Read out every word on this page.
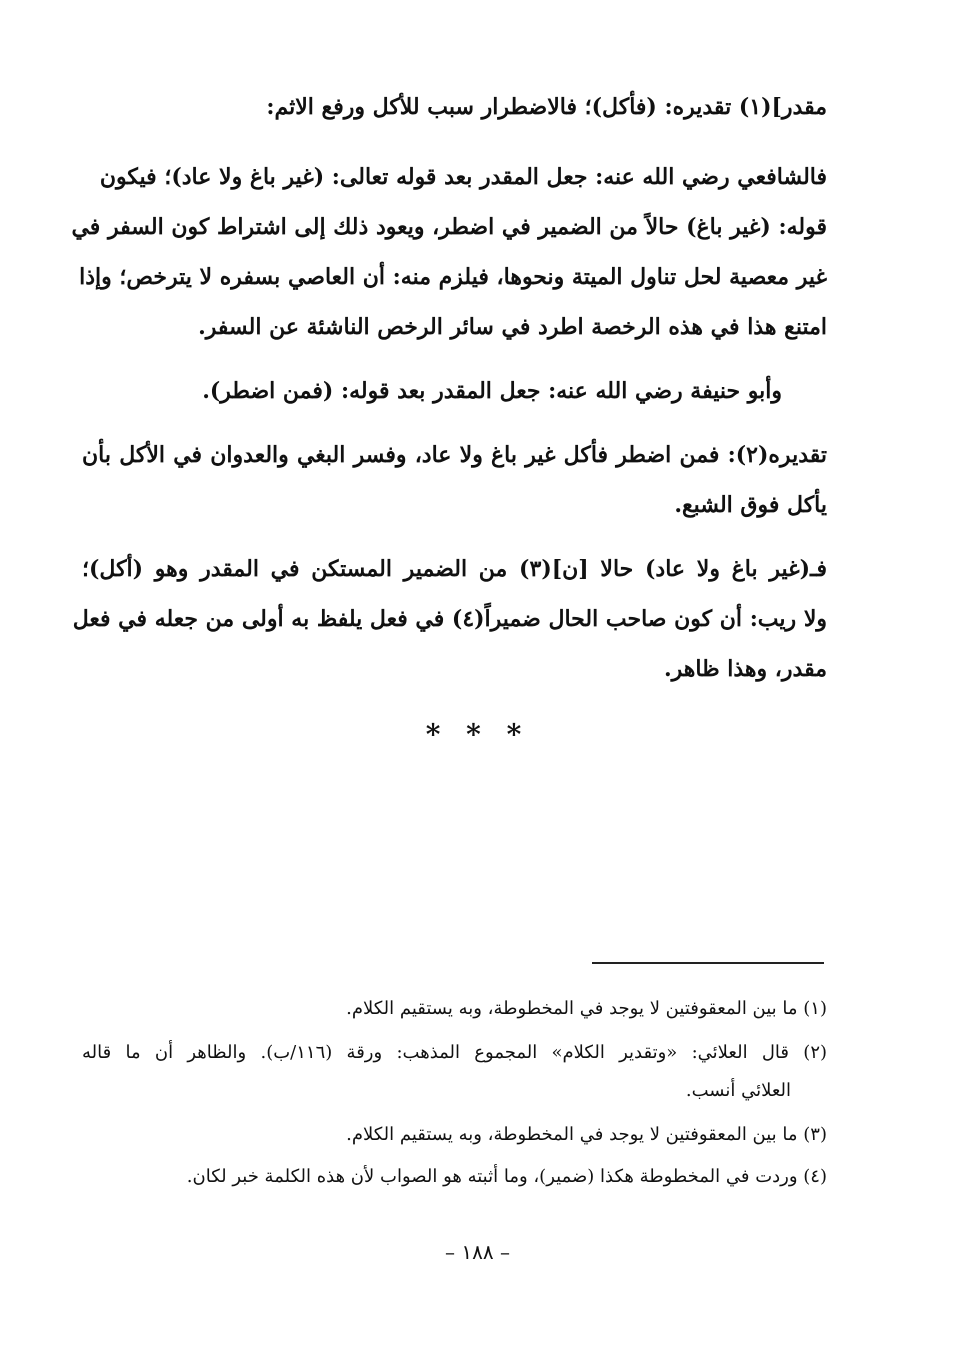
مقدر](١) تقديره: (فأكل)؛ فالاضطرار سبب للأكل ورفع الاثم:
فالشافعي رضي الله عنه: جعل المقدر بعد قوله تعالى: (غير باغ ولا عاد)؛ فيكون
قوله: (غير باغ) حالاً من الضمير في اضطر، ويعود ذلك إلى اشتراط كون السفر في
غير معصية لحل تناول الميتة ونحوها، فيلزم منه: أن العاصي بسفره لا يترخص؛ وإذا
امتنع هذا في هذه الرخصة اطرد في سائر الرخص الناشئة عن السفر.
وأبو حنيفة رضي الله عنه: جعل المقدر بعد قوله: (فمن اضطر).
تقديره(٢): فمن اضطر فأكل غير باغ ولا عاد، وفسر البغي والعدوان في الأكل بأن
يأكل فوق الشبع.
فـ(غير باغ ولا عاد) حالا [ن](٣) من الضمير المستكن في المقدر وهو (أكل)؛
ولا ريب: أن كون صاحب الحال ضميراً(٤) في فعل يلفظ به أولى من جعله في فعل
مقدر، وهذا ظاهر.
* * *
(١) ما بين المعقوفتين لا يوجد في المخطوطة، وبه يستقيم الكلام.
(٢) قال العلائي: «وتقدير الكلام» المجموع المذهب: ورقة (١١٦/ب). والظاهر أن ما قاله
العلائي أنسب.
(٣) ما بين المعقوفتين لا يوجد في المخطوطة، وبه يستقيم الكلام.
(٤) وردت في المخطوطة هكذا (ضمير)، وما أثبته هو الصواب لأن هذه الكلمة خبر لكان.
– ١٨٨ –
